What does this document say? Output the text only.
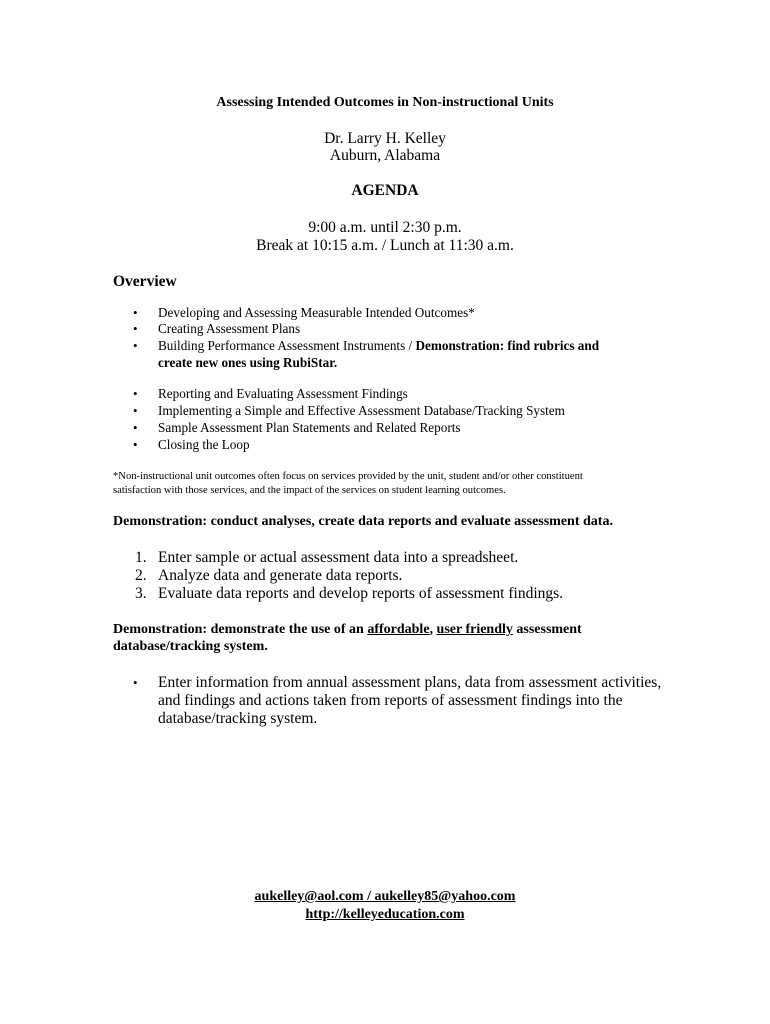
Assessing Intended Outcomes in Non-instructional Units
Dr. Larry H. Kelley
Auburn, Alabama
AGENDA
9:00 a.m. until 2:30 p.m.
Break at 10:15 a.m. / Lunch at 11:30 a.m.
Overview
• Developing and Assessing Measurable Intended Outcomes*
• Creating Assessment Plans
• Building Performance Assessment Instruments / Demonstration: find rubrics and
create new ones using RubiStar.
• Reporting and Evaluating Assessment Findings
• Implementing a Simple and Effective Assessment Database/Tracking System
• Sample Assessment Plan Statements and Related Reports
• Closing the Loop
*Non-instructional unit outcomes often focus on services provided by the unit, student and/or other constituent
satisfaction with those services, and the impact of the services on student learning outcomes.
Demonstration: conduct analyses, create data reports and evaluate assessment data.
1. Enter sample or actual assessment data into a spreadsheet.
2. Analyze data and generate data reports.
3. Evaluate data reports and develop reports of assessment findings.
Demonstration: demonstrate the use of an affordable, user friendly assessment
database/tracking system.
• Enter information from annual assessment plans, data from assessment activities,
and findings and actions taken from reports of assessment findings into the
database/tracking system.
aukelley@aol.com / aukelley85@yahoo.com
http://kelleyeducation.com
